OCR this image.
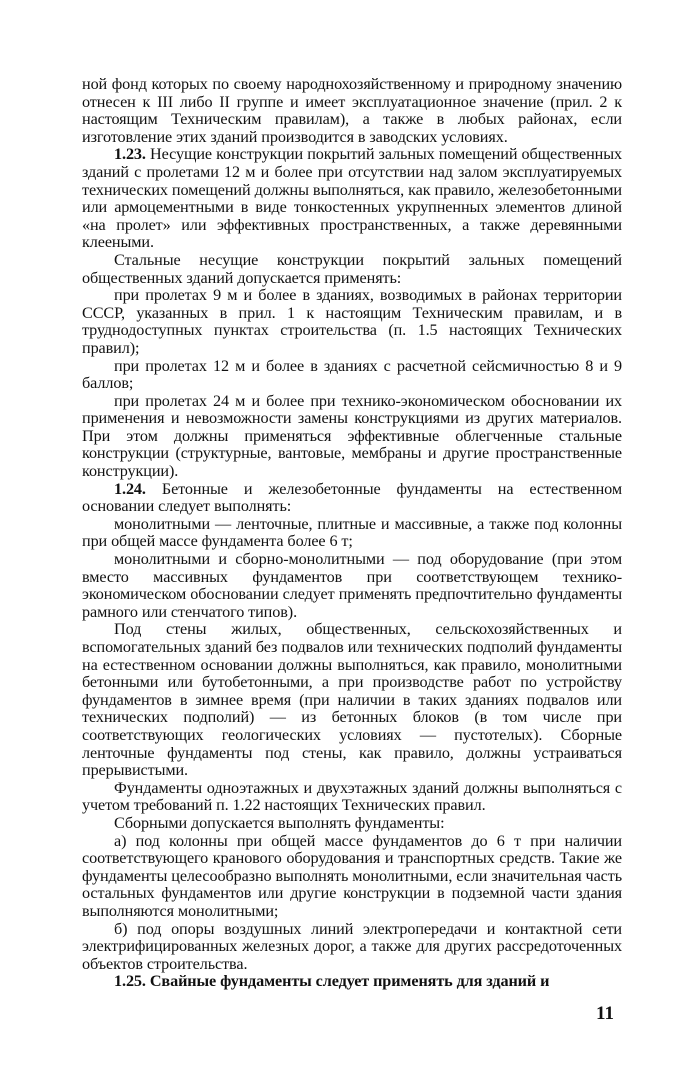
ной фонд которых по своему народнохозяйственному и природному значению отнесен к III либо II группе и имеет эксплуатационное значение (прил. 2 к настоящим Техническим правилам), а также в любых районах, если изготовление этих зданий производится в заводских условиях.

1.23. Несущие конструкции покрытий зальных помещений общественных зданий с пролетами 12 м и более при отсутствии над залом эксплуатируемых технических помещений должны выполняться, как правило, железобетонными или армоцементными в виде тонкостенных укрупненных элементов длиной «на пролет» или эффективных пространственных, а также деревянными клееными.

Стальные несущие конструкции покрытий зальных помещений общественных зданий допускается применять:

при пролетах 9 м и более в зданиях, возводимых в районах территории СССР, указанных в прил. 1 к настоящим Техническим правилам, и в труднодоступных пунктах строительства (п. 1.5 настоящих Технических правил);

при пролетах 12 м и более в зданиях с расчетной сейсмичностью 8 и 9 баллов;

при пролетах 24 м и более при технико-экономическом обосновании их применения и невозможности замены конструкциями из других материалов. При этом должны применяться эффективные облегченные стальные конструкции (структурные, вантовые, мембраны и другие пространственные конструкции).

1.24. Бетонные и железобетонные фундаменты на естественном основании следует выполнять:

монолитными — ленточные, плитные и массивные, а также под колонны при общей массе фундамента более 6 т;

монолитными и сборно-монолитными — под оборудование (при этом вместо массивных фундаментов при соответствующем технико-экономическом обосновании следует применять предпочтительно фундаменты рамного или стенчатого типов).

Под стены жилых, общественных, сельскохозяйственных и вспомогательных зданий без подвалов или технических подполий фундаменты на естественном основании должны выполняться, как правило, монолитными бетонными или бутобетонными, а при производстве работ по устройству фундаментов в зимнее время (при наличии в таких зданиях подвалов или технических подполий) — из бетонных блоков (в том числе при соответствующих геологических условиях — пустотелых). Сборные ленточные фундаменты под стены, как правило, должны устраиваться прерывистыми.

Фундаменты одноэтажных и двухэтажных зданий должны выполняться с учетом требований п. 1.22 настоящих Технических правил.

Сборными допускается выполнять фундаменты:

а) под колонны при общей массе фундаментов до 6 т при наличии соответствующего кранового оборудования и транспортных средств. Такие же фундаменты целесообразно выполнять монолитными, если значительная часть остальных фундаментов или другие конструкции в подземной части здания выполняются монолитными;

б) под опоры воздушных линий электропередачи и контактной сети электрифицированных железных дорог, а также для других рассредоточенных объектов строительства.

1.25. Свайные фундаменты следует применять для зданий и

11
